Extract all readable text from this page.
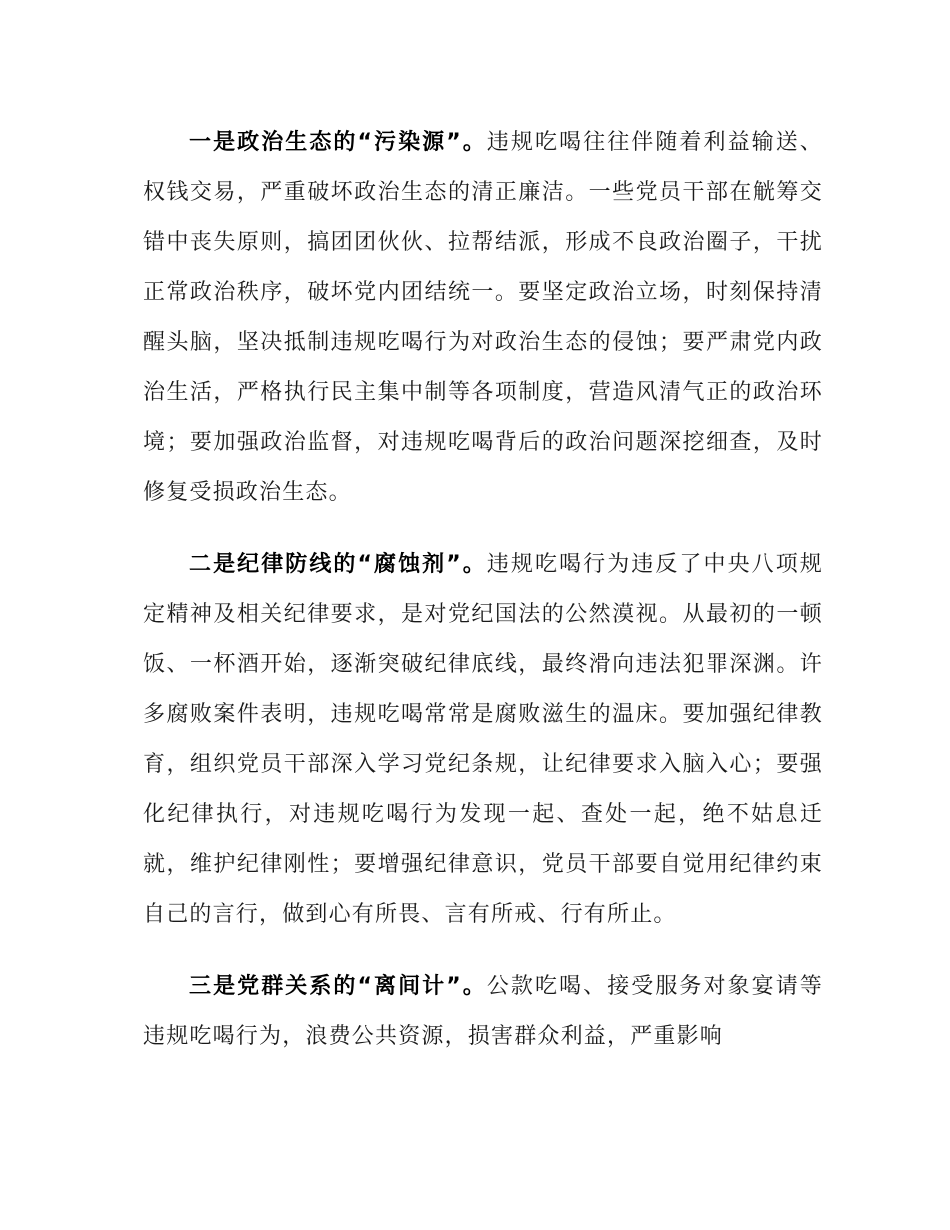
一是政治生态的“污染源”。违规吃喝往往伴随着利益输送、权钱交易，严重破坏政治生态的清正廉洁。一些党员干部在觥筹交错中丧失原则，搞团团伙伙、拉帮结派，形成不良政治圈子，干扰正常政治秩序，破坏党内团结统一。要坚定政治立场，时刻保持清醒头脑，坚决抵制违规吃喝行为对政治生态的侵蚀；要严肃党内政治生活，严格执行民主集中制等各项制度，营造风清气正的政治环境；要加强政治监督，对违规吃喝背后的政治问题深挖细查，及时修复受损政治生态。

二是纪律防线的“腐蚀剂”。违规吃喝行为违反了中央八项规定精神及相关纪律要求，是对党纪国法的公然漠视。从最初的一顿饭、一杯酒开始，逐渐突破纪律底线，最终滑向违法犯罪深渊。许多腐败案件表明，违规吃喝常常是腐败滋生的温床。要加强纪律教育，组织党员干部深入学习党纪条规，让纪律要求入脑入心；要强化纪律执行，对违规吃喝行为发现一起、查处一起，绝不姑息迁就，维护纪律刚性；要增强纪律意识，党员干部要自觉用纪律约束自己的言行，做到心有所畏、言有所戒、行有所止。

三是党群关系的“离间计”。公款吃喝、接受服务对象宴请等违规吃喝行为，浪费公共资源，损害群众利益，严重影响
